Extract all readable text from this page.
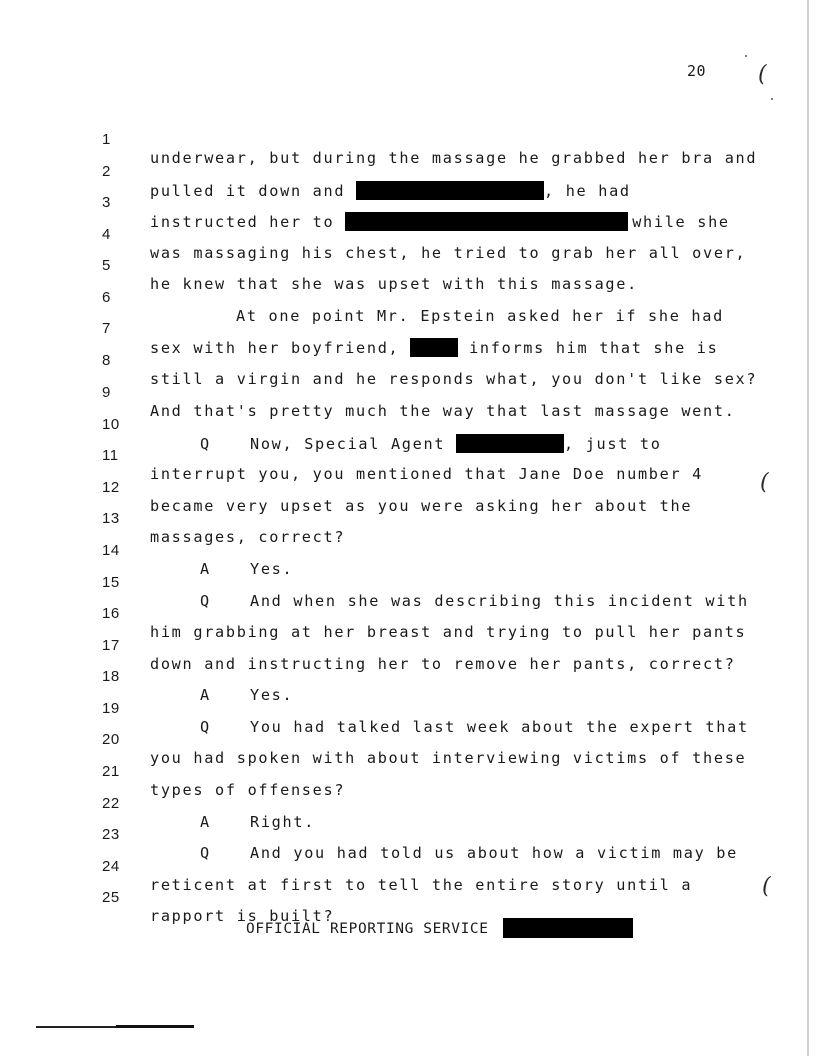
(
(
(
20

1

underwear, but during the massage he grabbed her bra and

2

pulled it down and	, he had

3

instructed her to	while she

4

was massaging his chest, he tried to grab her all over,

5

he knew that she was upset with this massage.

6

At one point Mr. Epstein asked her if she had

7

sex with her boyfriend,	informs him that she is

8

still a virgin and he responds what, you don't like sex?

9

And that's pretty much the way that last massage went.

10

Q	Now, Special Agent	, just to

11

interrupt you, you mentioned that Jane Doe number 4

12

became very upset as you were asking her about the

13

massages, correct?

14

A	Yes.

15

Q	And when she was describing this incident with

16

him grabbing at her breast and trying to pull her pants

17

down and instructing her to remove her pants, correct?

18

A	Yes.

19

Q	You had talked last week about the expert that

20

you had spoken with about interviewing victims of these

21

types of offenses?

22

A	Right.

23

Q	And you had told us about how a victim may be

24

reticent at first to tell the entire story until a

25

rapport is built?

OFFICIAL REPORTING SERVICE
